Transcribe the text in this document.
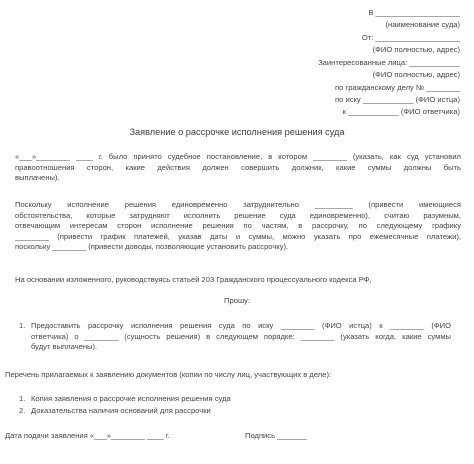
В ____________________
(наименование суда)
От: ____________________
(ФИО полностью, адрес)
Заинтересованные лица: ____________
(ФИО полностью, адрес)
по гражданскому делу № ________
по иску ____________ (ФИО истца)
к ____________ (ФИО ответчика)
Заявление о рассрочке исполнения решения суда
«___»________ ____ г. было принято судебное постановление, в котором ________ (указать, как суд установил
правоотношения сторон, какие действия должен совершить должник, какие суммы должны быть
выплачены).
Поскольку исполнение решения единовременно затруднительно _________ (привести имеющиеся
обстоятельства, которые затрудняют исполнить решение суда единовременно), считаю разумным,
отвечающим интересам сторон исполнение решения по частям, в рассрочку, по следующему графику
________ (привести график платежей, указав даты и суммы, можно указать про ежемесячные платежи),
поскольку ________ (привести доводы, позволяющие установить рассрочку).
На основании изложенного, руководствуясь статьей 203 Гражданского процессуального кодекса РФ,
Прошу:
1. Предоставить рассрочку исполнения решения суда по иску ________ (ФИО истца) к ________ (ФИО
ответчика) о ________ (сущность решения) в следующем порядке: ________ (указать когда, какие суммы
будут выплачены).
Перечень прилагаемых к заявлению документов (копии по числу лиц, участвующих в деле):
1. Копия заявления о рассрочке исполнения решения суда
2. Доказательства наличия оснований для рассрочки
Дата подачи заявления «___»________ ____ г.	Подпись _______
